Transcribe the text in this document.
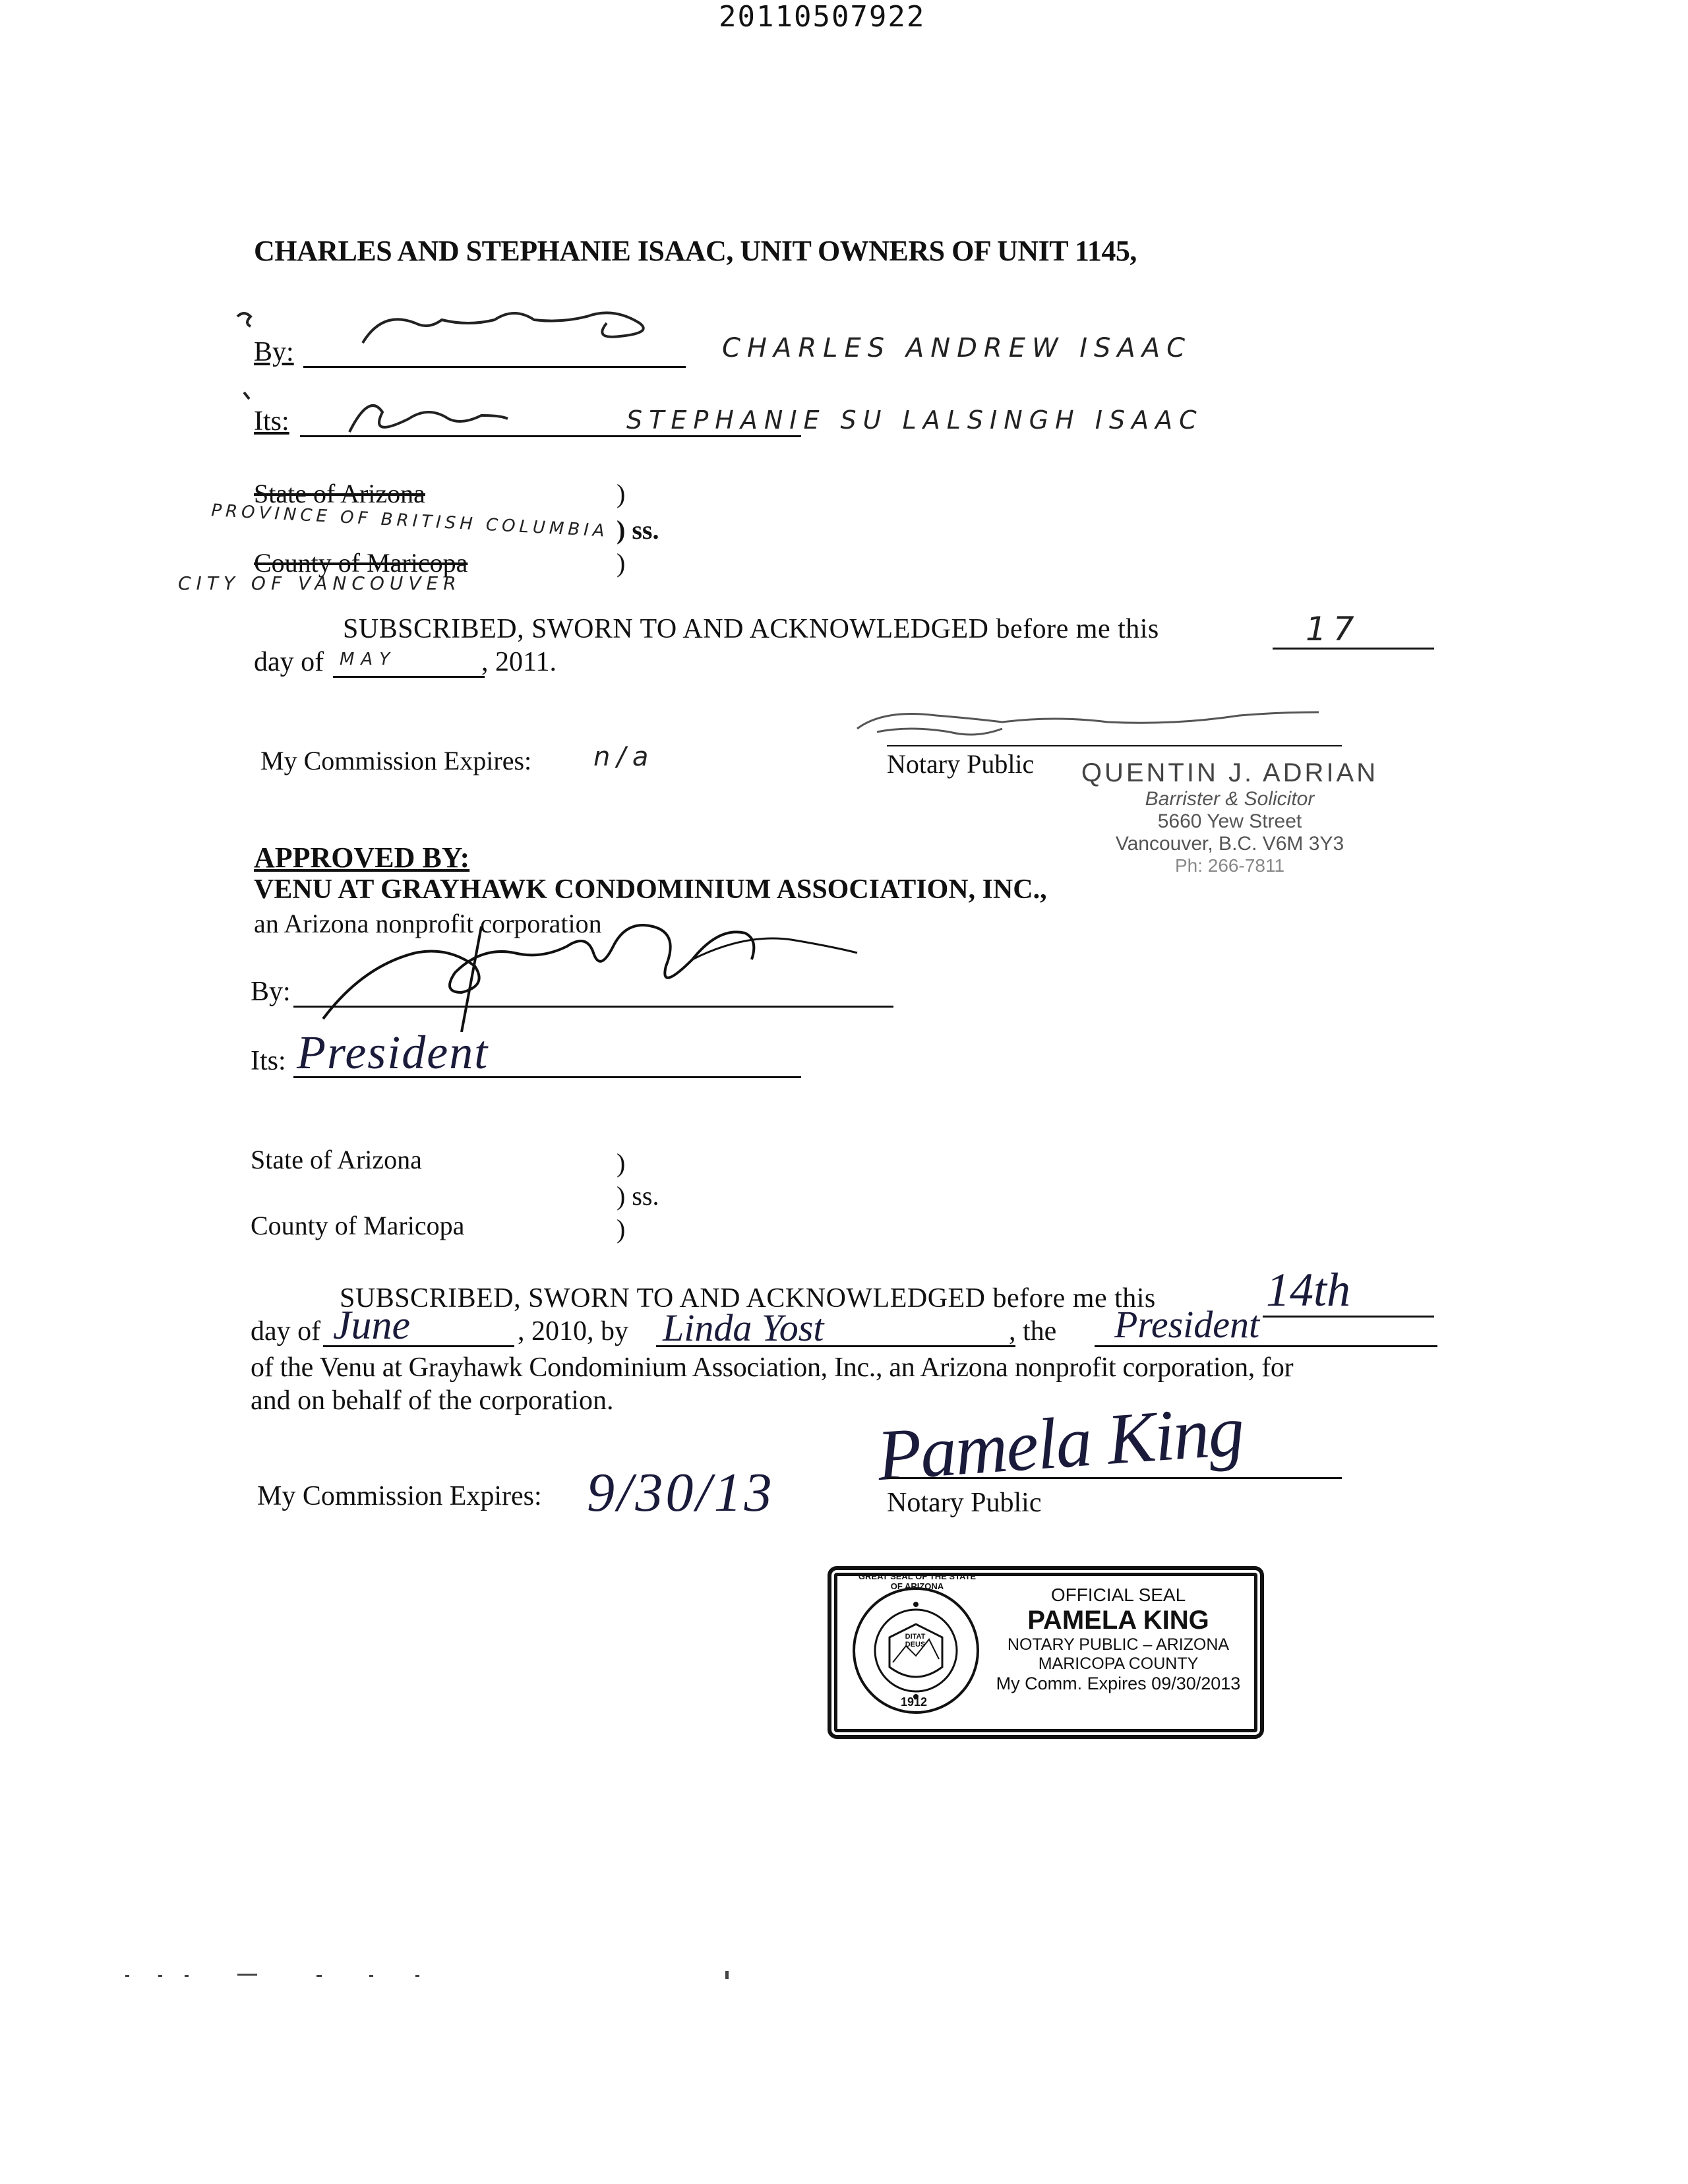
20110507922
CHARLES AND STEPHANIE ISAAC, UNIT OWNERS OF UNIT 1145,
By:	CHARLES ANDREW ISAAC
Its:	STEPHANIE SU LALSINGH ISAAC
State of Arizona
PROVINCE OF BRITISH COLUMBIA
)
) ss.
County of Maricopa	)
CITY OF VANCOUVER
SUBSCRIBED, SWORN TO AND ACKNOWLEDGED before me this	17
day of MAY	, 2011.
My Commission Expires: n/a	Notary Public QUENTIN J. ADRIAN
Barrister & Solicitor
5660 Yew Street
Vancouver, B.C. V6M 3Y3
Ph: 266-7811
APPROVED BY:
VENU AT GRAYHAWK CONDOMINIUM ASSOCIATION, INC.,
an Arizona nonprofit corporation
By:
Its: President
State of Arizona	)
) ss.
County of Maricopa	)
SUBSCRIBED, SWORN TO AND ACKNOWLEDGED before me this 14th
day of June	, 2010, by Linda Yost	, the President
of the Venu at Grayhawk Condominium Association, Inc., an Arizona nonprofit corporation, for
and on behalf of the corporation.
My Commission Expires: 9/30/13 Pamela King
Notary Public
DITAT DEUS
1912
GREAT SEAL OF THE STATE OF ARIZONA	OFFICIAL SEAL
PAMELA KING
NOTARY PUBLIC – ARIZONA
MARICOPA COUNTY
My Comm. Expires 09/30/2013
